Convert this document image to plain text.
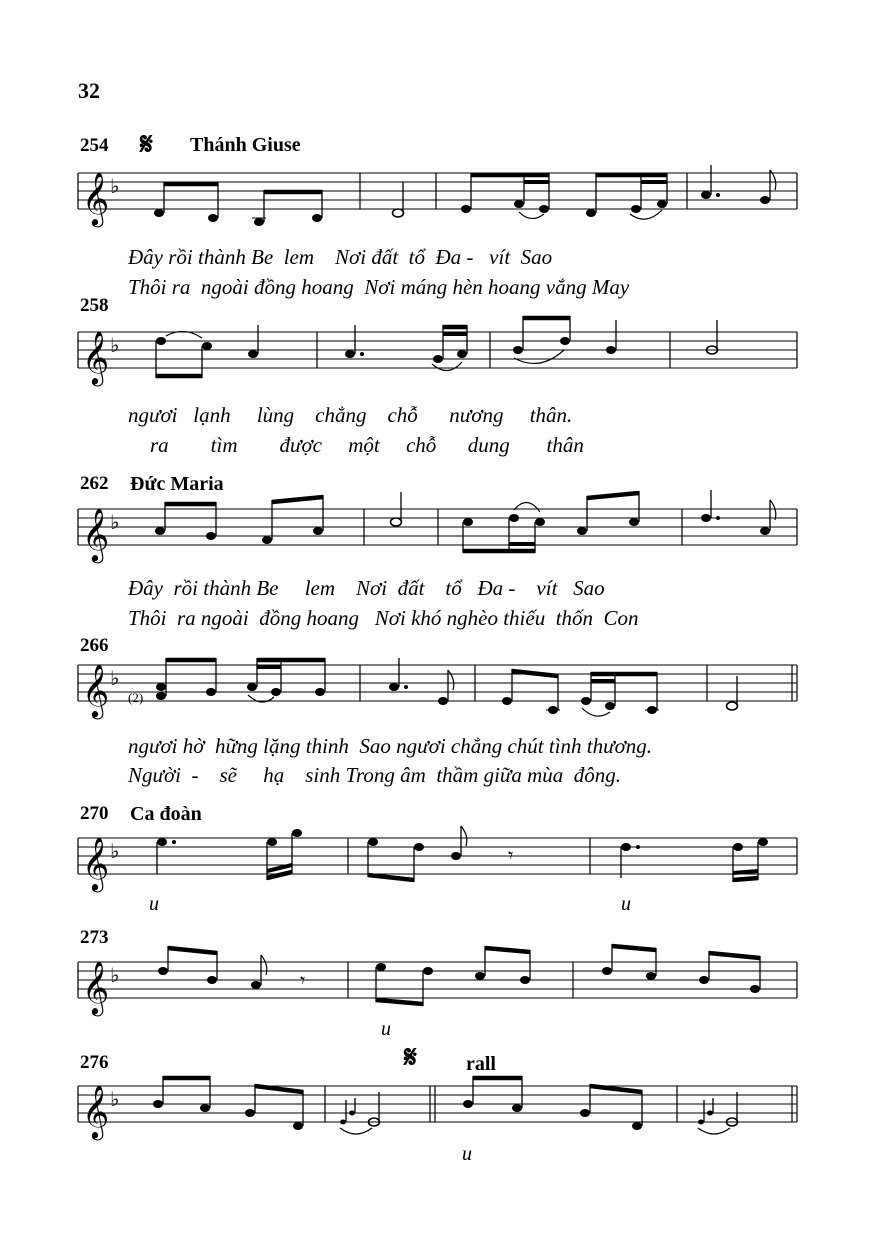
32
254 𝄋 Thánh Giuse
Đây rồi thành Be  lem    Nơi đất  tổ  Đa -   vít  Sao
Thôi ra  ngoài đồng hoang  Nơi máng hèn hoang vắng May
258
ngươi   lạnh     lùng    chẳng    chỗ      nương     thân.
ra        tìm        được     một     chỗ      dung       thân
262 Đức Maria
Đây  rồi thành Be     lem    Nơi  đất    tổ   Đa -    vít   Sao
Thôi  ra ngoài  đồng hoang   Nơi khó nghèo thiếu  thốn  Con
266
(2)
ngươi hờ  hững lặng thinh  Sao ngươi chẳng chút tình thương.
Người  -    sẽ     hạ    sinh Trong âm  thầm giữa mùa  đông.
270 Ca đoàn
u	u
273
u
276	𝄋 rall
u
𝄞 ♭
𝄞 ♭
𝄞 ♭
𝄞 ♭
𝄞 ♭	𝄾
𝄞 ♭	𝄾
𝄞 ♭
